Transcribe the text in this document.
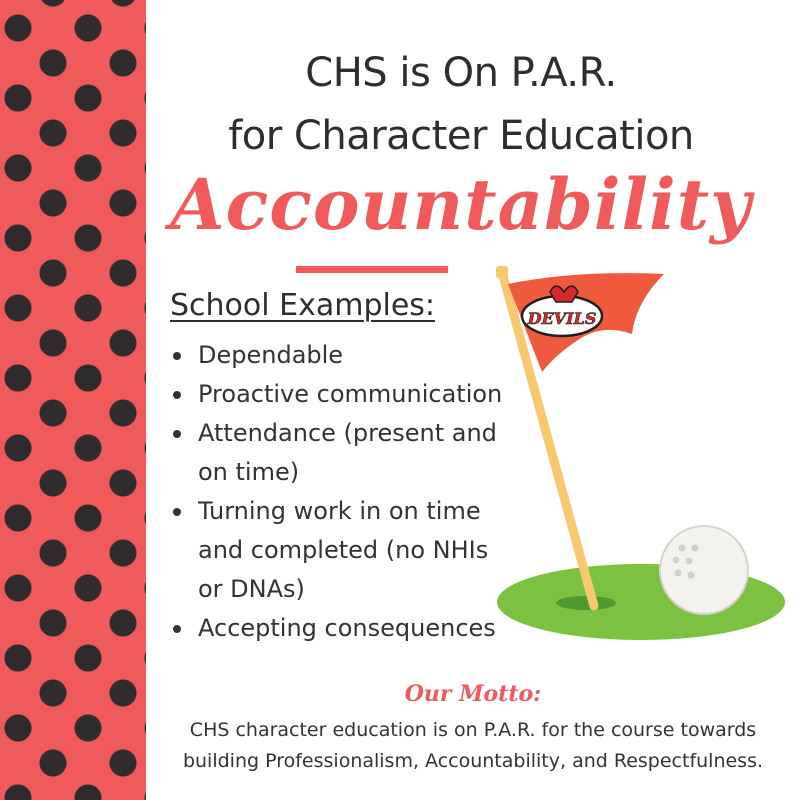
CHS is On P.A.R.
for Character Education
Accountability
School Examples:
Dependable
Proactive communication
Attendance (present and
on time)
Turning work in on time
and completed (no NHIs
or DNAs)
Accepting consequences
Our Motto:
CHS character education is on P.A.R. for the course towards
building Professionalism, Accountability, and Respectfulness.
DEVILS
